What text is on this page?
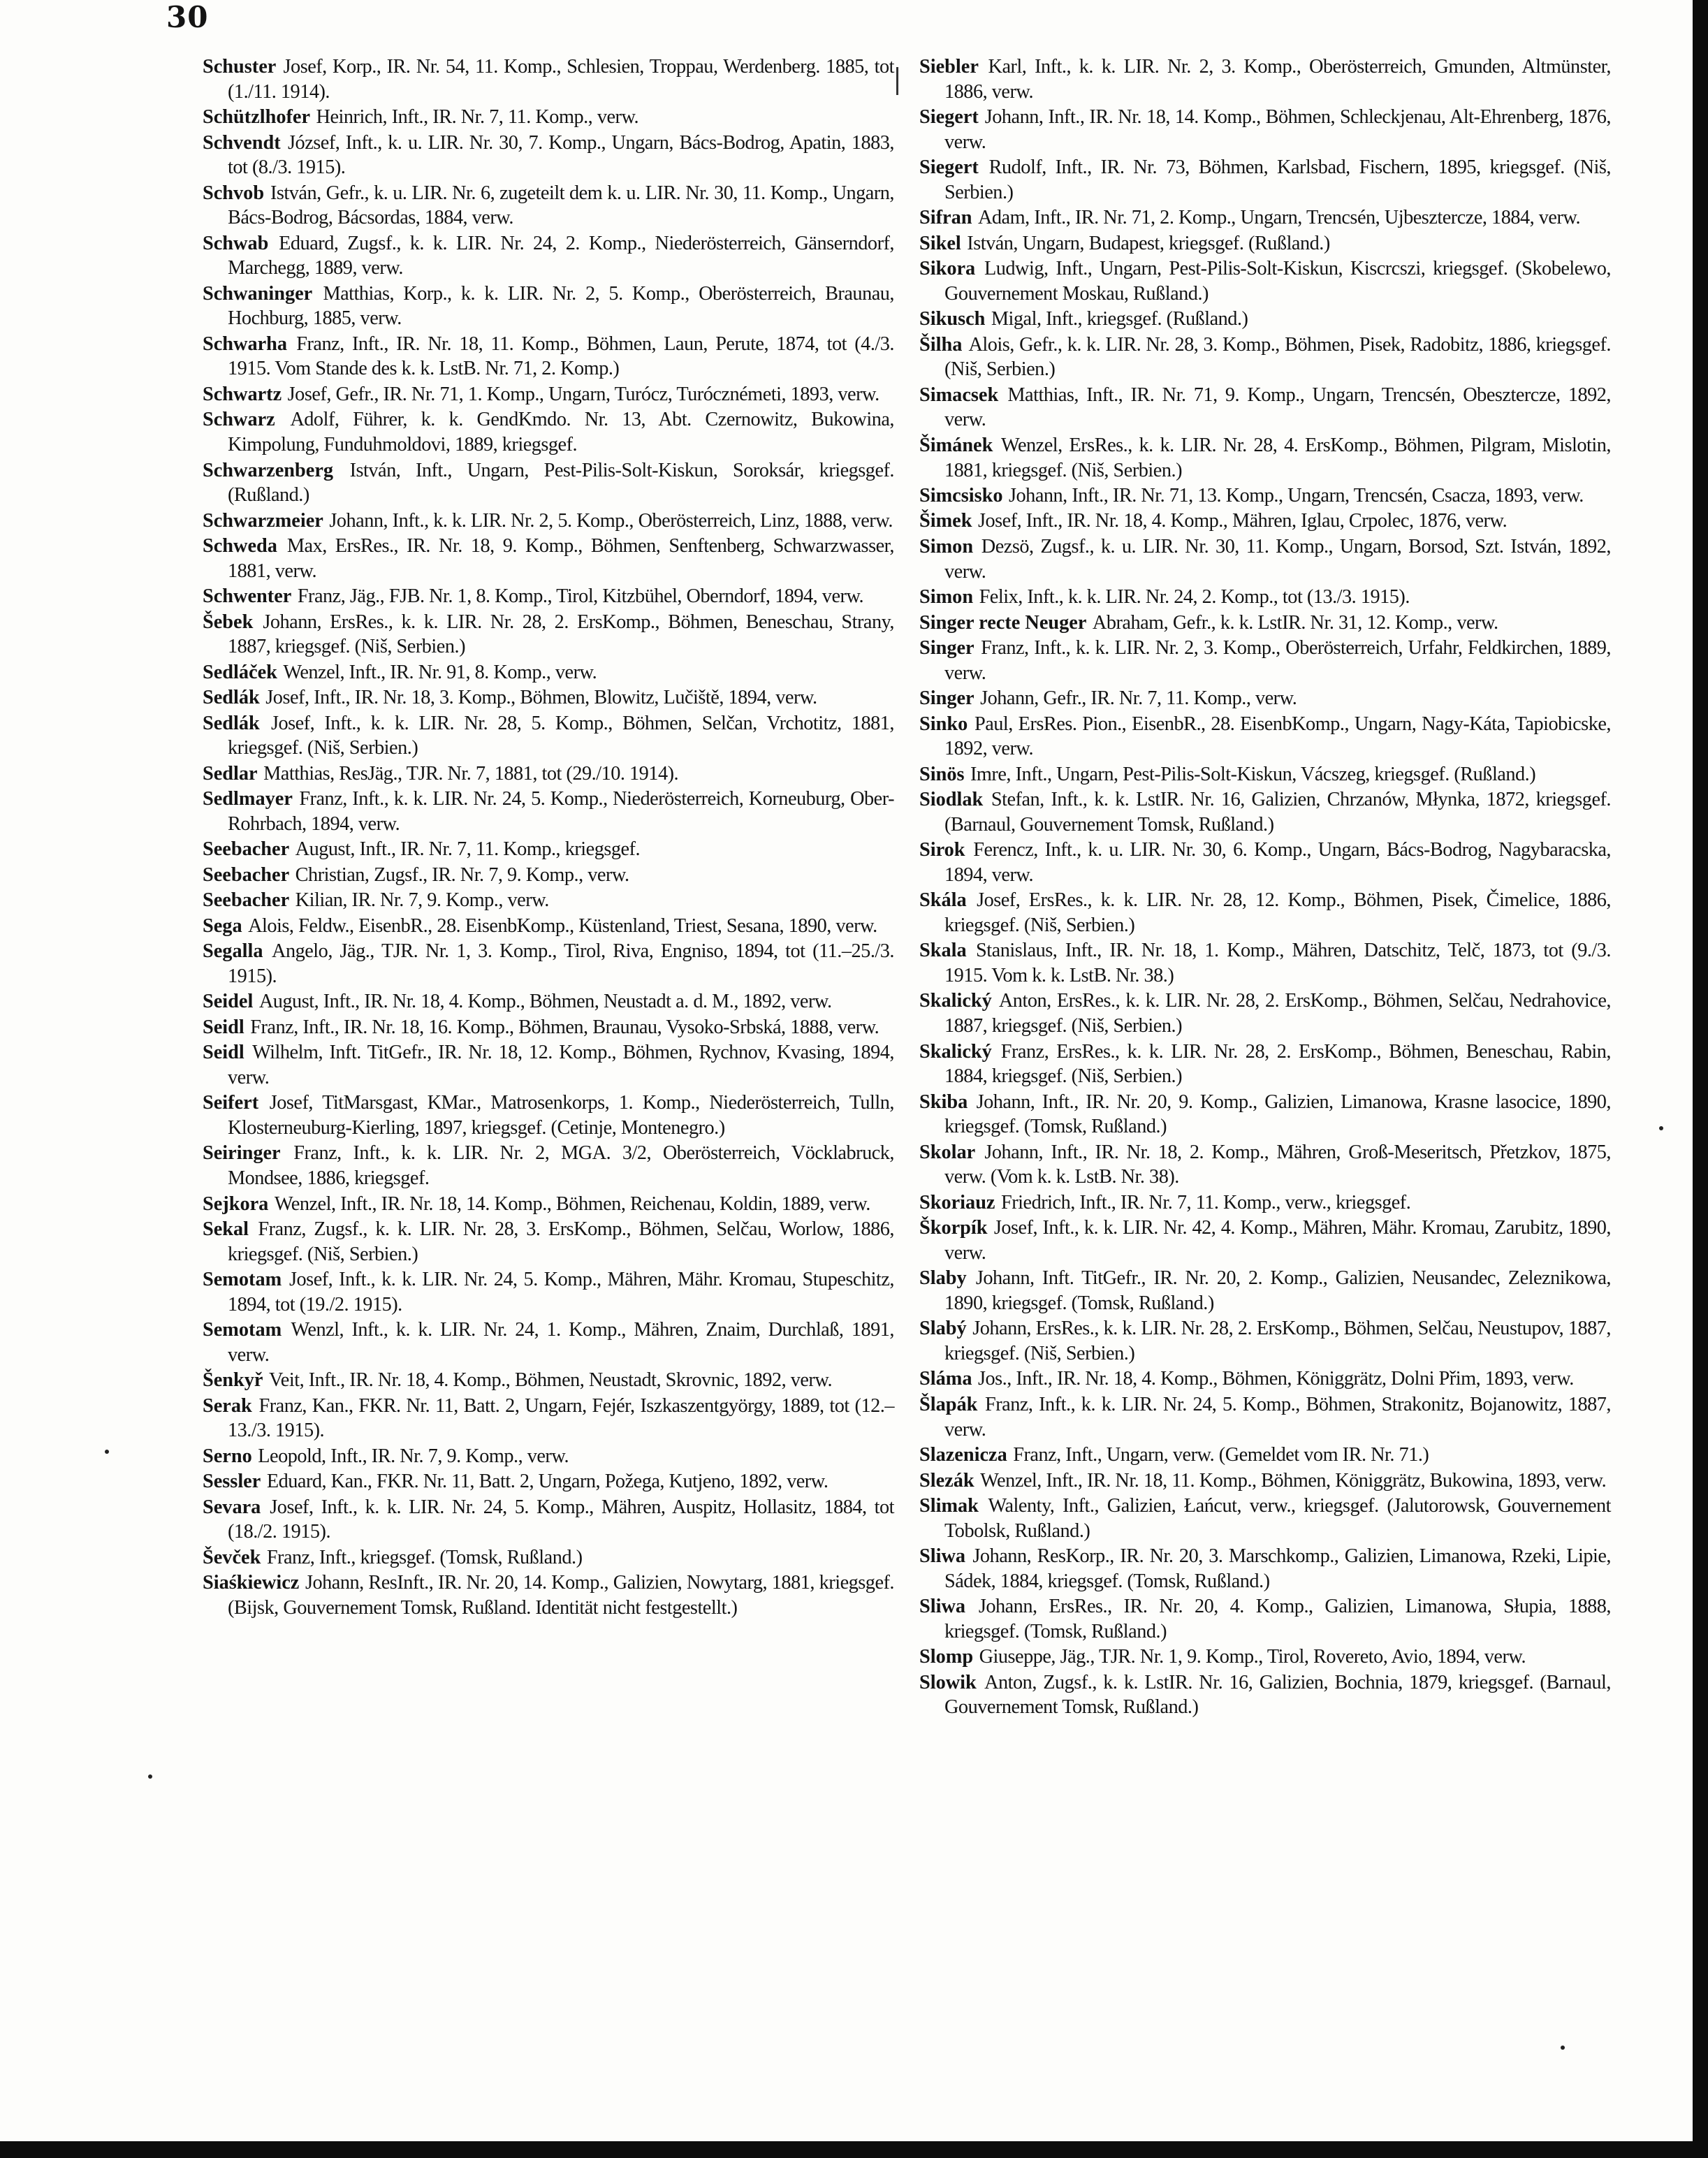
30

Schuster Josef, Korp., IR. Nr. 54, 11. Komp., Schlesien, Troppau, Werdenberg. 1885, tot (1./11. 1914).

Schützlhofer Heinrich, Inft., IR. Nr. 7, 11. Komp., verw.

Schvendt József, Inft., k. u. LIR. Nr. 30, 7. Komp., Ungarn, Bács-Bodrog, Apatin, 1883, tot (8./3. 1915).

Schvob István, Gefr., k. u. LIR. Nr. 6, zugeteilt dem k. u. LIR. Nr. 30, 11. Komp., Ungarn, Bács-Bodrog, Bácsordas, 1884, verw.

Schwab Eduard, Zugsf., k. k. LIR. Nr. 24, 2. Komp., Niederösterreich, Gänserndorf, Marchegg, 1889, verw.

Schwaninger Matthias, Korp., k. k. LIR. Nr. 2, 5. Komp., Oberösterreich, Braunau, Hochburg, 1885, verw.

Schwarha Franz, Inft., IR. Nr. 18, 11. Komp., Böhmen, Laun, Perute, 1874, tot (4./3. 1915. Vom Stande des k. k. LstB. Nr. 71, 2. Komp.)

Schwartz Josef, Gefr., IR. Nr. 71, 1. Komp., Ungarn, Turócz, Turócznémeti, 1893, verw.

Schwarz Adolf, Führer, k. k. GendKmdo. Nr. 13, Abt. Czernowitz, Bukowina, Kimpolung, Funduhmoldovi, 1889, kriegsgef.

Schwarzenberg István, Inft., Ungarn, Pest-Pilis-Solt-Kiskun, Soroksár, kriegsgef. (Rußland.)

Schwarzmeier Johann, Inft., k. k. LIR. Nr. 2, 5. Komp., Oberösterreich, Linz, 1888, verw.

Schweda Max, ErsRes., IR. Nr. 18, 9. Komp., Böhmen, Senftenberg, Schwarzwasser, 1881, verw.

Schwenter Franz, Jäg., FJB. Nr. 1, 8. Komp., Tirol, Kitzbühel, Oberndorf, 1894, verw.

Šebek Johann, ErsRes., k. k. LIR. Nr. 28, 2. ErsKomp., Böhmen, Beneschau, Strany, 1887, kriegsgef. (Niš, Serbien.)

Sedláček Wenzel, Inft., IR. Nr. 91, 8. Komp., verw.

Sedlák Josef, Inft., IR. Nr. 18, 3. Komp., Böhmen, Blowitz, Lučiště, 1894, verw.

Sedlák Josef, Inft., k. k. LIR. Nr. 28, 5. Komp., Böhmen, Selčan, Vrchotitz, 1881, kriegsgef. (Niš, Serbien.)

Sedlar Matthias, ResJäg., TJR. Nr. 7, 1881, tot (29./10. 1914).

Sedlmayer Franz, Inft., k. k. LIR. Nr. 24, 5. Komp., Niederösterreich, Korneuburg, Ober-Rohrbach, 1894, verw.

Seebacher August, Inft., IR. Nr. 7, 11. Komp., kriegsgef.

Seebacher Christian, Zugsf., IR. Nr. 7, 9. Komp., verw.

Seebacher Kilian, IR. Nr. 7, 9. Komp., verw.

Sega Alois, Feldw., EisenbR., 28. EisenbKomp., Küstenland, Triest, Sesana, 1890, verw.

Segalla Angelo, Jäg., TJR. Nr. 1, 3. Komp., Tirol, Riva, Engniso, 1894, tot (11.–25./3. 1915).

Seidel August, Inft., IR. Nr. 18, 4. Komp., Böhmen, Neustadt a. d. M., 1892, verw.

Seidl Franz, Inft., IR. Nr. 18, 16. Komp., Böhmen, Braunau, Vysoko-Srbská, 1888, verw.

Seidl Wilhelm, Inft. TitGefr., IR. Nr. 18, 12. Komp., Böhmen, Rychnov, Kvasing, 1894, verw.

Seifert Josef, TitMarsgast, KMar., Matrosenkorps, 1. Komp., Niederösterreich, Tulln, Klosterneuburg-Kierling, 1897, kriegsgef. (Cetinje, Montenegro.)

Seiringer Franz, Inft., k. k. LIR. Nr. 2, MGA. 3/2, Oberösterreich, Vöcklabruck, Mondsee, 1886, kriegsgef.

Sejkora Wenzel, Inft., IR. Nr. 18, 14. Komp., Böhmen, Reichenau, Koldin, 1889, verw.

Sekal Franz, Zugsf., k. k. LIR. Nr. 28, 3. ErsKomp., Böhmen, Selčau, Worlow, 1886, kriegsgef. (Niš, Serbien.)

Semotam Josef, Inft., k. k. LIR. Nr. 24, 5. Komp., Mähren, Mähr. Kromau, Stupeschitz, 1894, tot (19./2. 1915).

Semotam Wenzl, Inft., k. k. LIR. Nr. 24, 1. Komp., Mähren, Znaim, Durchlaß, 1891, verw.

Šenkyř Veit, Inft., IR. Nr. 18, 4. Komp., Böhmen, Neustadt, Skrovnic, 1892, verw.

Serak Franz, Kan., FKR. Nr. 11, Batt. 2, Ungarn, Fejér, Iszkaszentgyörgy, 1889, tot (12.–13./3. 1915).

Serno Leopold, Inft., IR. Nr. 7, 9. Komp., verw.

Sessler Eduard, Kan., FKR. Nr. 11, Batt. 2, Ungarn, Požega, Kutjeno, 1892, verw.

Sevara Josef, Inft., k. k. LIR. Nr. 24, 5. Komp., Mähren, Auspitz, Hollasitz, 1884, tot (18./2. 1915).

Ševček Franz, Inft., kriegsgef. (Tomsk, Rußland.)

Siaśkiewicz Johann, ResInft., IR. Nr. 20, 14. Komp., Galizien, Nowytarg, 1881, kriegsgef. (Bijsk, Gouvernement Tomsk, Rußland. Identität nicht festgestellt.)

Siebler Karl, Inft., k. k. LIR. Nr. 2, 3. Komp., Oberösterreich, Gmunden, Altmünster, 1886, verw.

Siegert Johann, Inft., IR. Nr. 18, 14. Komp., Böhmen, Schleckjenau, Alt-Ehrenberg, 1876, verw.

Siegert Rudolf, Inft., IR. Nr. 73, Böhmen, Karlsbad, Fischern, 1895, kriegsgef. (Niš, Serbien.)

Sifran Adam, Inft., IR. Nr. 71, 2. Komp., Ungarn, Trencsén, Ujbesztercze, 1884, verw.

Sikel István, Ungarn, Budapest, kriegsgef. (Rußland.)

Sikora Ludwig, Inft., Ungarn, Pest-Pilis-Solt-Kiskun, Kiscrcszi, kriegsgef. (Skobelewo, Gouvernement Moskau, Rußland.)

Sikusch Migal, Inft., kriegsgef. (Rußland.)

Šilha Alois, Gefr., k. k. LIR. Nr. 28, 3. Komp., Böhmen, Pisek, Radobitz, 1886, kriegsgef. (Niš, Serbien.)

Simacsek Matthias, Inft., IR. Nr. 71, 9. Komp., Ungarn, Trencsén, Obesztercze, 1892, verw.

Šimánek Wenzel, ErsRes., k. k. LIR. Nr. 28, 4. ErsKomp., Böhmen, Pilgram, Mislotin, 1881, kriegsgef. (Niš, Serbien.)

Simcsisko Johann, Inft., IR. Nr. 71, 13. Komp., Ungarn, Trencsén, Csacza, 1893, verw.

Šimek Josef, Inft., IR. Nr. 18, 4. Komp., Mähren, Iglau, Crpolec, 1876, verw.

Simon Dezsö, Zugsf., k. u. LIR. Nr. 30, 11. Komp., Ungarn, Borsod, Szt. István, 1892, verw.

Simon Felix, Inft., k. k. LIR. Nr. 24, 2. Komp., tot (13./3. 1915).

Singer recte Neuger Abraham, Gefr., k. k. LstIR. Nr. 31, 12. Komp., verw.

Singer Franz, Inft., k. k. LIR. Nr. 2, 3. Komp., Oberösterreich, Urfahr, Feldkirchen, 1889, verw.

Singer Johann, Gefr., IR. Nr. 7, 11. Komp., verw.

Sinko Paul, ErsRes. Pion., EisenbR., 28. EisenbKomp., Ungarn, Nagy-Káta, Tapiobicske, 1892, verw.

Sinös Imre, Inft., Ungarn, Pest-Pilis-Solt-Kiskun, Vácszeg, kriegsgef. (Rußland.)

Siodlak Stefan, Inft., k. k. LstIR. Nr. 16, Galizien, Chrzanów, Młynka, 1872, kriegsgef. (Barnaul, Gouvernement Tomsk, Rußland.)

Sirok Ferencz, Inft., k. u. LIR. Nr. 30, 6. Komp., Ungarn, Bács-Bodrog, Nagybaracska, 1894, verw.

Skála Josef, ErsRes., k. k. LIR. Nr. 28, 12. Komp., Böhmen, Pisek, Čimelice, 1886, kriegsgef. (Niš, Serbien.)

Skala Stanislaus, Inft., IR. Nr. 18, 1. Komp., Mähren, Datschitz, Telč, 1873, tot (9./3. 1915. Vom k. k. LstB. Nr. 38.)

Skalický Anton, ErsRes., k. k. LIR. Nr. 28, 2. ErsKomp., Böhmen, Selčau, Nedrahovice, 1887, kriegsgef. (Niš, Serbien.)

Skalický Franz, ErsRes., k. k. LIR. Nr. 28, 2. ErsKomp., Böhmen, Beneschau, Rabin, 1884, kriegsgef. (Niš, Serbien.)

Skiba Johann, Inft., IR. Nr. 20, 9. Komp., Galizien, Limanowa, Krasne lasocice, 1890, kriegsgef. (Tomsk, Rußland.)

Skolar Johann, Inft., IR. Nr. 18, 2. Komp., Mähren, Groß-Meseritsch, Přetzkov, 1875, verw. (Vom k. k. LstB. Nr. 38).

Skoriauz Friedrich, Inft., IR. Nr. 7, 11. Komp., verw., kriegsgef.

Škorpík Josef, Inft., k. k. LIR. Nr. 42, 4. Komp., Mähren, Mähr. Kromau, Zarubitz, 1890, verw.

Slaby Johann, Inft. TitGefr., IR. Nr. 20, 2. Komp., Galizien, Neusandec, Zeleznikowa, 1890, kriegsgef. (Tomsk, Rußland.)

Slabý Johann, ErsRes., k. k. LIR. Nr. 28, 2. ErsKomp., Böhmen, Selčau, Neustupov, 1887, kriegsgef. (Niš, Serbien.)

Sláma Jos., Inft., IR. Nr. 18, 4. Komp., Böhmen, Königgrätz, Dolni Přim, 1893, verw.

Šlapák Franz, Inft., k. k. LIR. Nr. 24, 5. Komp., Böhmen, Strakonitz, Bojanowitz, 1887, verw.

Slazenicza Franz, Inft., Ungarn, verw. (Gemeldet vom IR. Nr. 71.)

Slezák Wenzel, Inft., IR. Nr. 18, 11. Komp., Böhmen, Königgrätz, Bukowina, 1893, verw.

Slimak Walenty, Inft., Galizien, Łańcut, verw., kriegsgef. (Jalutorowsk, Gouvernement Tobolsk, Rußland.)

Sliwa Johann, ResKorp., IR. Nr. 20, 3. Marschkomp., Galizien, Limanowa, Rzeki, Lipie, Sádek, 1884, kriegsgef. (Tomsk, Rußland.)

Sliwa Johann, ErsRes., IR. Nr. 20, 4. Komp., Galizien, Limanowa, Słupia, 1888, kriegsgef. (Tomsk, Rußland.)

Slomp Giuseppe, Jäg., TJR. Nr. 1, 9. Komp., Tirol, Rovereto, Avio, 1894, verw.

Slowik Anton, Zugsf., k. k. LstIR. Nr. 16, Galizien, Bochnia, 1879, kriegsgef. (Barnaul, Gouvernement Tomsk, Rußland.)
